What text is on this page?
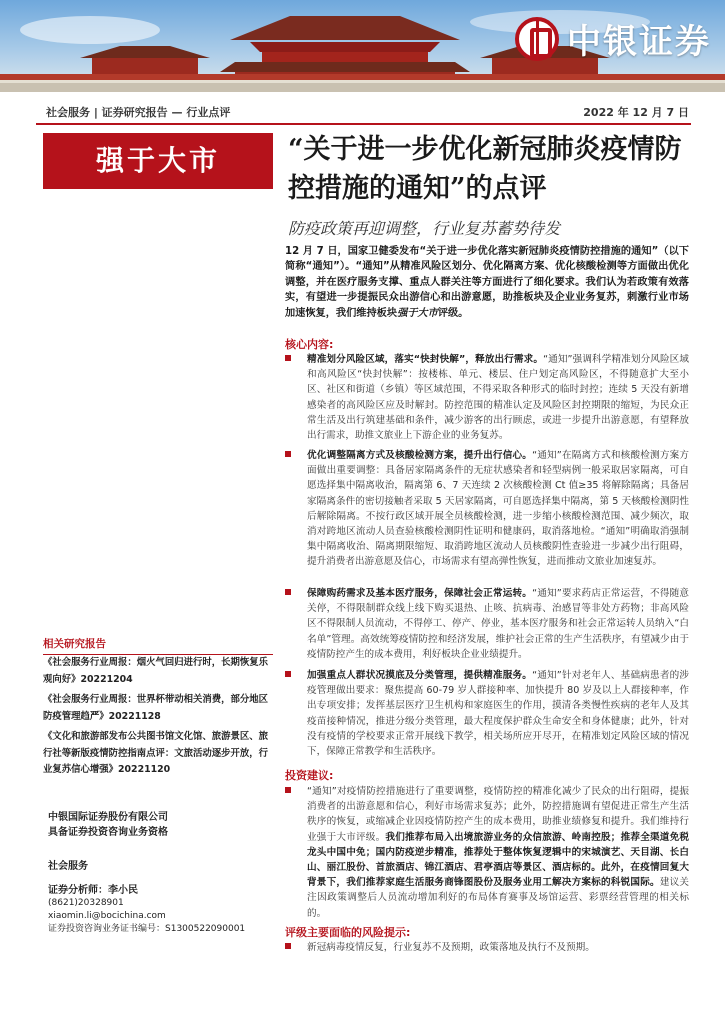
中银证券
社会服务 | 证券研究报告 — 行业点评	2022 年 12 月 7 日
强于大市	“关于进一步优化新冠肺炎疫情防控措施的通知”的点评
防疫政策再迎调整，行业复苏蓄势待发
12 月 7 日，国家卫健委发布“关于进一步优化落实新冠肺炎疫情防控措施的通知”（以下简称“通知”）。“通知”从精准风险区划分、优化隔离方案、优化核酸检测等方面做出优化调整，并在医疗服务支撑、重点人群关注等方面进行了细化要求。我们认为若政策有效落实，有望进一步提振民众出游信心和出游意愿，助推板块及企业业务复苏，刺激行业市场加速恢复，我们维持板块强于大市评级。
核心内容:
精准划分风险区域，落实“快封快解”，释放出行需求。“通知”强调科学精准划分风险区域和高风险区“快封快解”：按楼栋、单元、楼层、住户划定高风险区，不得随意扩大至小区、社区和街道（乡镇）等区域范围，不得采取各种形式的临时封控；连续 5 天没有新增感染者的高风险区应及时解封。防控范围的精准认定及风险区封控期限的缩短，为民众正常生活及出行筑建基础和条件，减少游客的出行顾虑，或进一步提升出游意愿，有望释放出行需求，助推文旅业上下游企业的业务复苏。
优化调整隔离方式及核酸检测方案，提升出行信心。“通知”在隔离方式和核酸检测方案方面做出重要调整：具备居家隔离条件的无症状感染者和轻型病例一般采取居家隔离，可自愿选择集中隔离收治，隔离第 6、7 天连续 2 次核酸检测 Ct 值≥35 将解除隔离；具备居家隔离条件的密切接触者采取 5 天居家隔离，可自愿选择集中隔离，第 5 天核酸检测阴性后解除隔离。不按行政区域开展全员核酸检测，进一步缩小核酸检测范围、减少频次，取消对跨地区流动人员查验核酸检测阴性证明和健康码，取消落地检。“通知”明确取消强制集中隔离收治、隔离期限缩短、取消跨地区流动人员核酸阴性查验进一步减少出行阻碍，提升消费者出游意愿及信心，市场需求有望高弹性恢复，进而推动文旅业加速复苏。
保障购药需求及基本医疗服务，保障社会正常运转。“通知”要求药店正常运营，不得随意关停，不得限制群众线上线下购买退热、止咳、抗病毒、治感冒等非处方药物；非高风险区不得限制人员流动，不得停工、停产、停业，基本医疗服务和社会正常运转人员纳入“白名单”管理。高效统筹疫情防控和经济发展，维护社会正常的生产生活秩序，有望减少由于疫情防控产生的成本费用，利好板块企业业绩提升。
加强重点人群状况摸底及分类管理，提供精准服务。“通知”针对老年人、基础病患者的涉疫管理做出要求：聚焦提高 60-79 岁人群接种率、加快提升 80 岁及以上人群接种率，作出专项安排；发挥基层医疗卫生机构和家庭医生的作用，摸清各类慢性疾病的老年人及其疫苗接种情况，推进分级分类管理，最大程度保护群众生命安全和身体健康；此外，针对没有疫情的学校要求正常开展线下教学，相关场所应开尽开，在精准划定风险区域的情况下，保障正常教学和生活秩序。
投资建议:
“通知”对疫情防控措施进行了重要调整，疫情防控的精准化减少了民众的出行阻碍，提振消费者的出游意愿和信心，利好市场需求复苏；此外，防控措施调有望促进正常生产生活秩序的恢复，或缩减企业因疫情防控产生的成本费用，助推业绩修复和提升。我们维持行业强于大市评级。我们推荐布局入出境旅游业务的众信旅游、岭南控股；推荐全渠道免税龙头中国中免；国内防疫逆步精准，推荐处于整体恢复逻辑中的宋城演艺、天目湖、长白山、丽江股份、首旅酒店、锦江酒店、君亭酒店等景区、酒店标的。此外，在疫情回复大背景下，我们推荐家庭生活服务商锋图股份及服务业用工解决方案标的科锐国际。建议关注因政策调整后人员流动增加利好的布局体育赛事及场馆运营、彩票经营管理的相关标的。
评级主要面临的风险提示:
新冠病毒疫情反复，行业复苏不及预期，政策落地及执行不及预期。
相关研究报告
《社会服务行业周报：烟火气回归进行时，长期恢复乐观向好》20221204
《社会服务行业周报：世界杯带动相关消费，部分地区防疫管理趋严》20221128
《文化和旅游部发布公共图书馆文化馆、旅游景区、旅行社等新版疫情防控指南点评：文旅活动逐步开放，行业复苏信心增强》20221120
中银国际证券股份有限公司
具备证券投资咨询业务资格
社会服务
证券分析师：李小民
(8621)20328901
xiaomin.li@bocichina.com
证券投资咨询业务证书编号：S1300522090001
